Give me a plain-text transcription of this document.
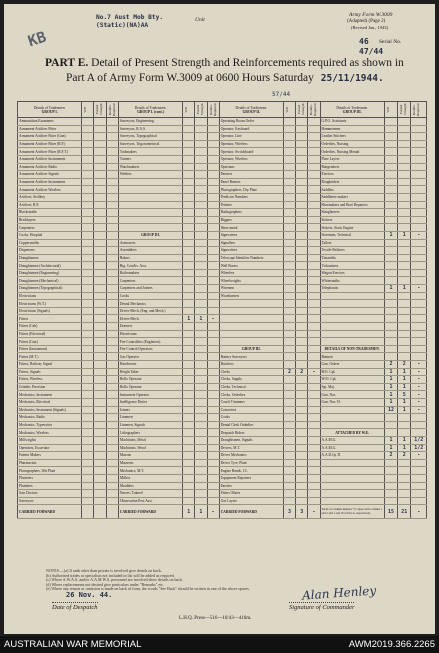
KB
Army Form W.3009
(Adapted) (Page 2)
(Revised Jan., 1943)
No.7 Aust Mob Bty. (Static)(NA)AA
Unit
46 Serial No.
47/44
PART E. Detail of Present Strength and Reinforcements required as shown in
Part A of Army Form W.3009 at 0600 Hours Saturday 25/11/1944.
57/44
Details of Tradesmen.
GROUP I.	W.E.	Posted Strength	Reinfts. Required	Details of Tradesmen.
GROUP I. (cont.)	W.E.	Posted Strength	Reinfts. Required	Details of Tradesmen.
GROUP II.	W.E.	Posted Strength	Reinfts. Required	Details of Tradesmen.
GROUP III.	W.E.	Posted Strength	Reinfts. Required

Ammunition Examiners				Surveyors, Engineering				Operating Room Order.				G.P.O. Assistants			
Armament Artificer Fitter				Surveyors, R.A.S.				Operator, Keyboard				Hammermen			
Armament Artificer Fitter (Gun)				Surveyors, Topographical				Operator, Line				Leather Stitchers			
Armament Artificer Fitter (R.F.)				Surveyors, Trigonometrical				Operator, Wireless				Orderlies, Nursing			
Armament Artificer Fitter (R.F.T.)				Toolmakers				Operator, Switchboard				Orderlies, Nursing Mental			
Armament Artificer Instruments				Turners				Operator, Wireless				Plate Layers			
Armament Artificer Radio				Watchmakers				Opticians				Rangetakers			
Armament Artificer Signals				Welders				Painters				Erectors			
Armament Artificer Instruments								Panel Beaters				Roughriders			
Armament Artificer Wireless								Photographers, Dry Plate				Saddlers			
Artificer, Artillery								Predictor Numbers				Saddletree makers			
Artificer, R.E.								Printers				Shoemakers and Boot Repairers			
Blacksmiths								Radiographers				Slaughterers			
Bricklayers								Riggers				Stokers			
Carpenters								Sheet metal				Stokers, Static Engine			
Cooks, Hospital				GROUP III.				Signwriters				Storemen, Technical	1	1	-
Coppersmiths				Armourers				Signallers				Tailors			
Dispensers				Assemblers				Signwriters				Textile Refitters			
Draughtsmen				Bakers				Telescope Identifier Numbers				Tinsmiths			
Draughtsmen (Architectural)				Big. Cond'rs. Asst.				Well Borers				Vulcanisers			
Draughtsmen (Engineering)				Boilermakers				Wheelers				Wagon Erectors			
Draughtsmen (Mechanical)				Carpenters				Wheelwrights				Whitesmiths			
Draughtsmen (Topographical)				Carpenters and Joiners				Wiremen				Telephonist	1	1	-
Electricians				Cooks				Woodturners							
Electricians (W.T.)				Dental Mechanics											
Electricians (Signals)				Driver-Mech. (Eng. and Mech.)											
Fitters				Driver-Mech.	1	1	-								
Fitters (Cab)				Drainers											
Fitters (Electrical)				Electricians											
Fitters (Gun)				Fire Controllers (Engineers)											
Fitters (Instrument)				Fire Control Operators				GROUP III.				DETAILS OF NON-TRADESMEN.			
Fitters (M.T.)				Gas Operator				Battery Surveyors				Batmen			
Fitters, Railway Signal				Hairdresser				Butchers				Gun. Orders	2	2	-
Fitters, Signals				Height Taker				Clerks	2	2	-	B/O. Cpl.	1	1	-
Fitters, Wireless				Hollo Operator				Clerks, Supply				W/O. Cpl.	1	1	-
Grinder, Precision				Hollo Operator				Clerks, Technical				Sgt. Maj.	1	1	-
Mechanics, Instrument				Instrument Operator				Clerks, Orderlies				Gun. Nos.	1	5	-
Mechanics, Electrical				Intelligence Duties				Coach Trimmers				Gun. Nos. H.	1	1	-
Mechanics, Instrument (Signals)				Joiners				Concreters					12	1	-
Mechanics, Radio				Linemen				Cooks							
Mechanics, Typewriter				Linemen, Signals				Dental Clerk Orderlies							
Mechanics, Wireless				Lithographers				Despatch Riders				ATTACHED BY W.E.			
Millwrights				Machinists, Metal				Draughtsmen, Signals				A.A.M.G.	1	1	1/2
Operators, Excavator				Machinists, Wood				Drivers, M.T.				A.A.M.G.	1	1	1/2
Pattern Makers				Masons				Driver Mechanics				A.A.D.Cp.Tl.	2	2	-
Pharmacists				Masseurs				Driver Tyre, Plant							
Photographers, Wet Plate				Mechanics, M.T.				Engine Hands, I.C.							
Plasterers				Millers				Equipment Repairers							
Plumbers				Moulders				Farriers							
Saw Doctors				Nurses, Trained				Fitters' Mates							
Surveyors				Observation Post Asst.				Gas Layers							
CARRIED FORWARD				CARRIED FORWARD	1	1	-	CARRIED FORWARD	3	3	-	Totals of columns marked * to agree with columns 1 and 2 and 1 and 10 of Part A, respectively.	15	21	-
NOTES.—(a) If rank other than private is involved give details on back.
(b) Authorised trades or specialists not included in list will be added as required.
(c) Where A.W.A.S. and/or A.A.M.W.S. personnel are involved show details on back.
(d) Where replacements not desired give particulars under "Remarks" etc.
(e) Where any reason or omission is made on back of form, the words "See Back" should be written in one of the above spaces.
26 Nov. 44.
Date of Despatch
L.H.Q. Press—516—10/43—416m.
Alan Henley
Signature of Commander
AUSTRALIAN WAR MEMORIAL	AWM2019.366.2265
